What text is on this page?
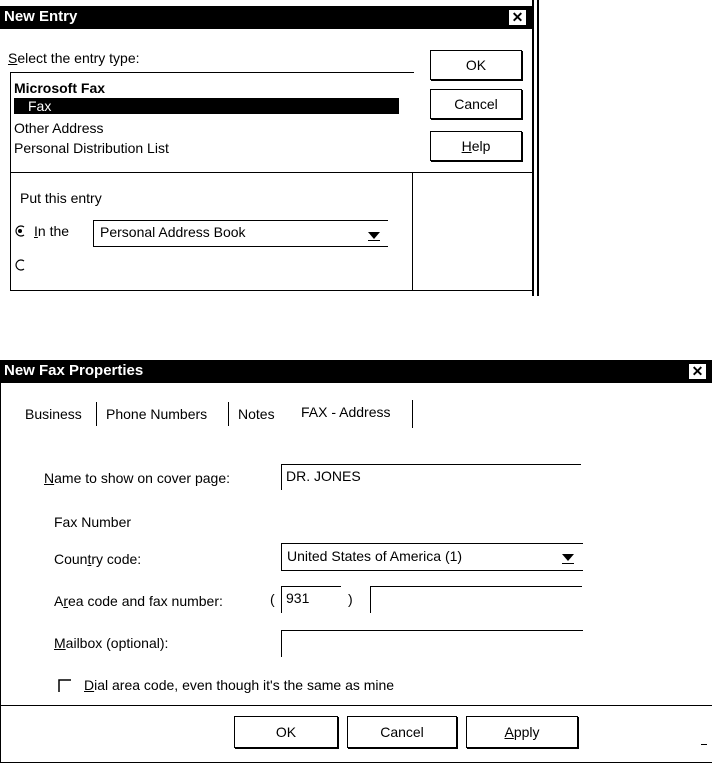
New Entry	✕
Select the entry type:
Microsoft Fax
Fax
Other Address
Personal Distribution List
OK
Cancel
Help
Put this entry
In the Personal Address Book
New Fax Properties	✕
Business Phone Numbers Notes FAX - Address
Name to show on cover page:	DR. JONES
Fax Number
Country code:	United States of America (1)
Area code and fax number:	( 931	)
Mailbox (optional):
Dial area code, even though it's the same as mine
OK	Cancel	Apply
